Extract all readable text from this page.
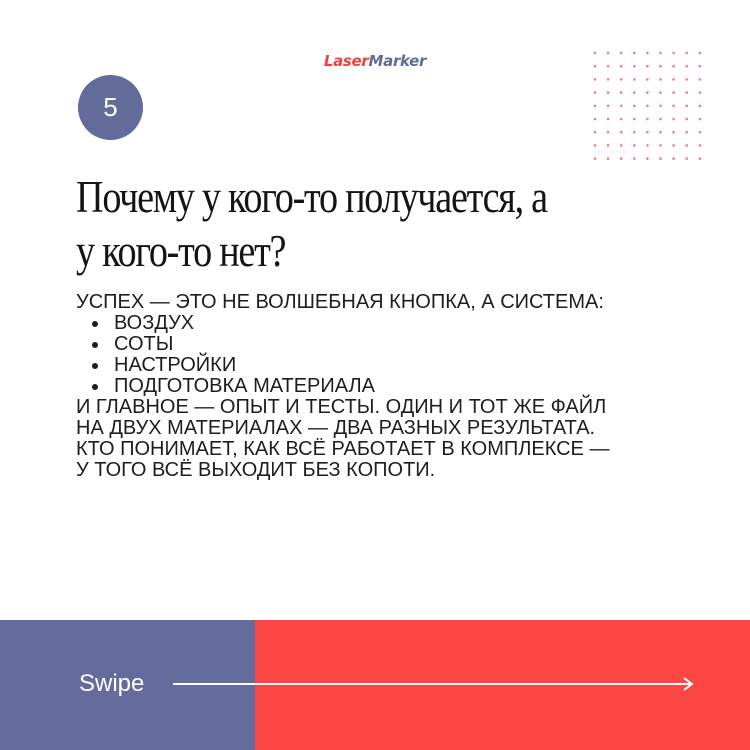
LaserMarker
5
Почему у кого-то получается, а
у кого-то нет?

УСПЕХ — ЭТО НЕ ВОЛШЕБНАЯ КНОПКА, А СИСТЕМА:

ВОЗДУХ
СОТЫ
НАСТРОЙКИ
ПОДГОТОВКА МАТЕРИАЛА

И ГЛАВНОЕ — ОПЫТ И ТЕСТЫ. ОДИН И ТОТ ЖЕ ФАЙЛ

НА ДВУХ МАТЕРИАЛАХ — ДВА РАЗНЫХ РЕЗУЛЬТАТА.

КТО ПОНИМАЕТ, КАК ВСЁ РАБОТАЕТ В КОМПЛЕКСЕ —

У ТОГО ВСЁ ВЫХОДИТ БЕЗ КОПОТИ.

Swipe
